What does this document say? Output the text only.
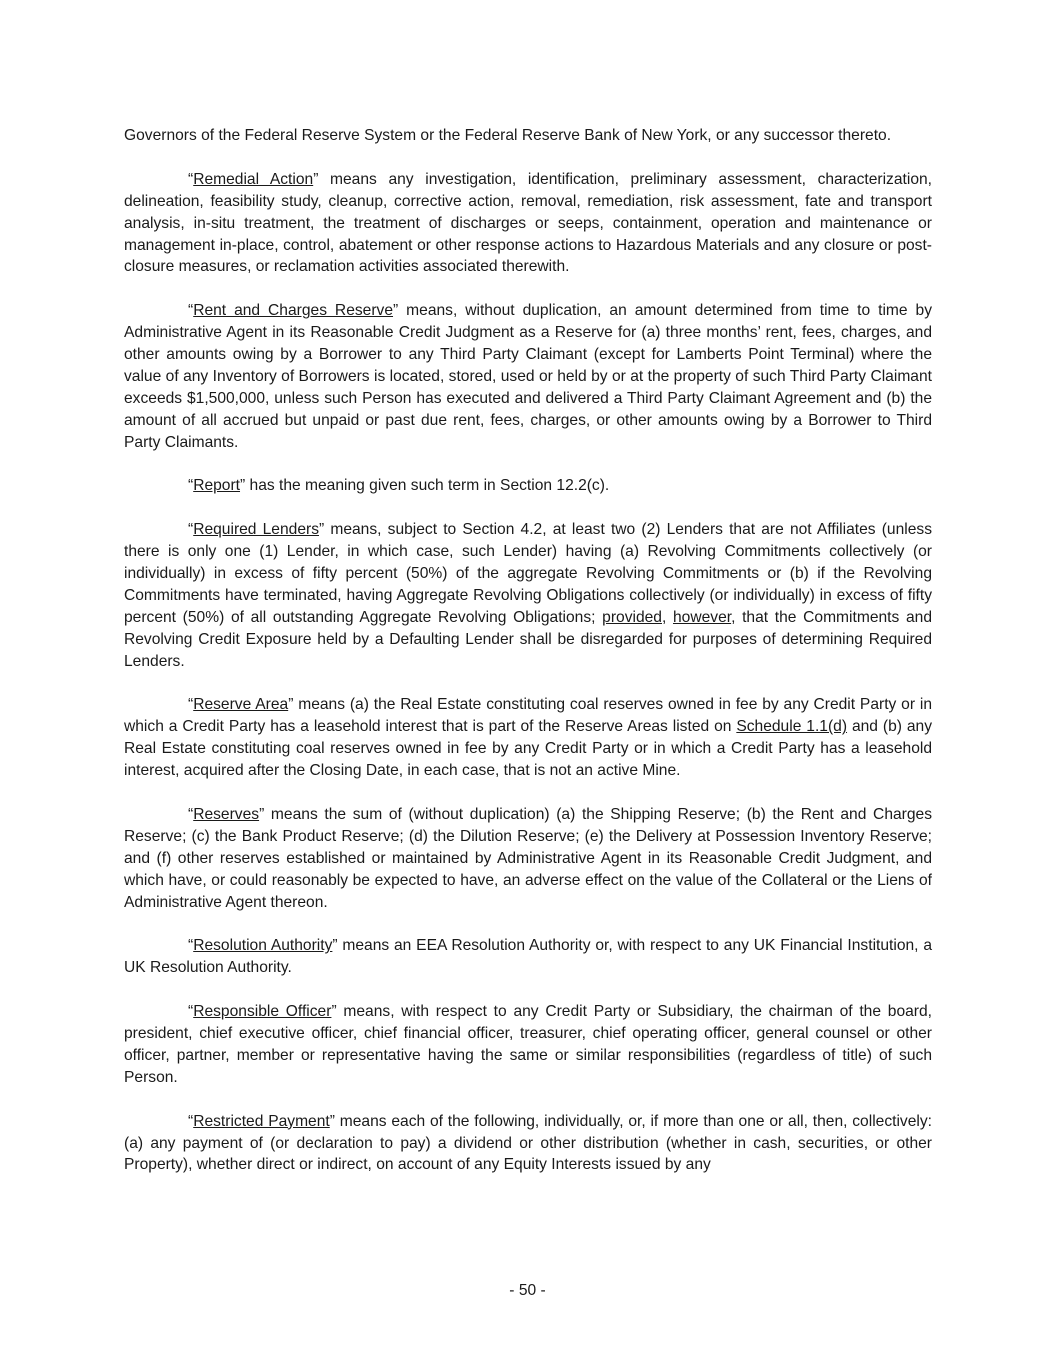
Governors of the Federal Reserve System or the Federal Reserve Bank of New York, or any successor thereto.

“Remedial Action” means any investigation, identification, preliminary assessment, characterization, delineation, feasibility study, cleanup, corrective action, removal, remediation, risk assessment, fate and transport analysis, in-situ treatment, the treatment of discharges or seeps, containment, operation and maintenance or management in-place, control, abatement or other response actions to Hazardous Materials and any closure or post-closure measures, or reclamation activities associated therewith.

“Rent and Charges Reserve” means, without duplication, an amount determined from time to time by Administrative Agent in its Reasonable Credit Judgment as a Reserve for (a) three months’ rent, fees, charges, and other amounts owing by a Borrower to any Third Party Claimant (except for Lamberts Point Terminal) where the value of any Inventory of Borrowers is located, stored, used or held by or at the property of such Third Party Claimant exceeds $1,500,000, unless such Person has executed and delivered a Third Party Claimant Agreement and (b) the amount of all accrued but unpaid or past due rent, fees, charges, or other amounts owing by a Borrower to Third Party Claimants.

“Report” has the meaning given such term in Section 12.2(c).

“Required Lenders” means, subject to Section 4.2, at least two (2) Lenders that are not Affiliates (unless there is only one (1) Lender, in which case, such Lender) having (a) Revolving Commitments collectively (or individually) in excess of fifty percent (50%) of the aggregate Revolving Commitments or (b) if the Revolving Commitments have terminated, having Aggregate Revolving Obligations collectively (or individually) in excess of fifty percent (50%) of all outstanding Aggregate Revolving Obligations; provided, however, that the Commitments and Revolving Credit Exposure held by a Defaulting Lender shall be disregarded for purposes of determining Required Lenders.

“Reserve Area” means (a) the Real Estate constituting coal reserves owned in fee by any Credit Party or in which a Credit Party has a leasehold interest that is part of the Reserve Areas listed on Schedule 1.1(d) and (b) any Real Estate constituting coal reserves owned in fee by any Credit Party or in which a Credit Party has a leasehold interest, acquired after the Closing Date, in each case, that is not an active Mine.

“Reserves” means the sum of (without duplication) (a) the Shipping Reserve; (b) the Rent and Charges Reserve; (c) the Bank Product Reserve; (d) the Dilution Reserve; (e) the Delivery at Possession Inventory Reserve; and (f) other reserves established or maintained by Administrative Agent in its Reasonable Credit Judgment, and which have, or could reasonably be expected to have, an adverse effect on the value of the Collateral or the Liens of Administrative Agent thereon.

“Resolution Authority” means an EEA Resolution Authority or, with respect to any UK Financial Institution, a UK Resolution Authority.

“Responsible Officer” means, with respect to any Credit Party or Subsidiary, the chairman of the board, president, chief executive officer, chief financial officer, treasurer, chief operating officer, general counsel or other officer, partner, member or representative having the same or similar responsibilities (regardless of title) of such Person.

“Restricted Payment” means each of the following, individually, or, if more than one or all, then, collectively: (a) any payment of (or declaration to pay) a dividend or other distribution (whether in cash, securities, or other Property), whether direct or indirect, on account of any Equity Interests issued by any

- 50 -
